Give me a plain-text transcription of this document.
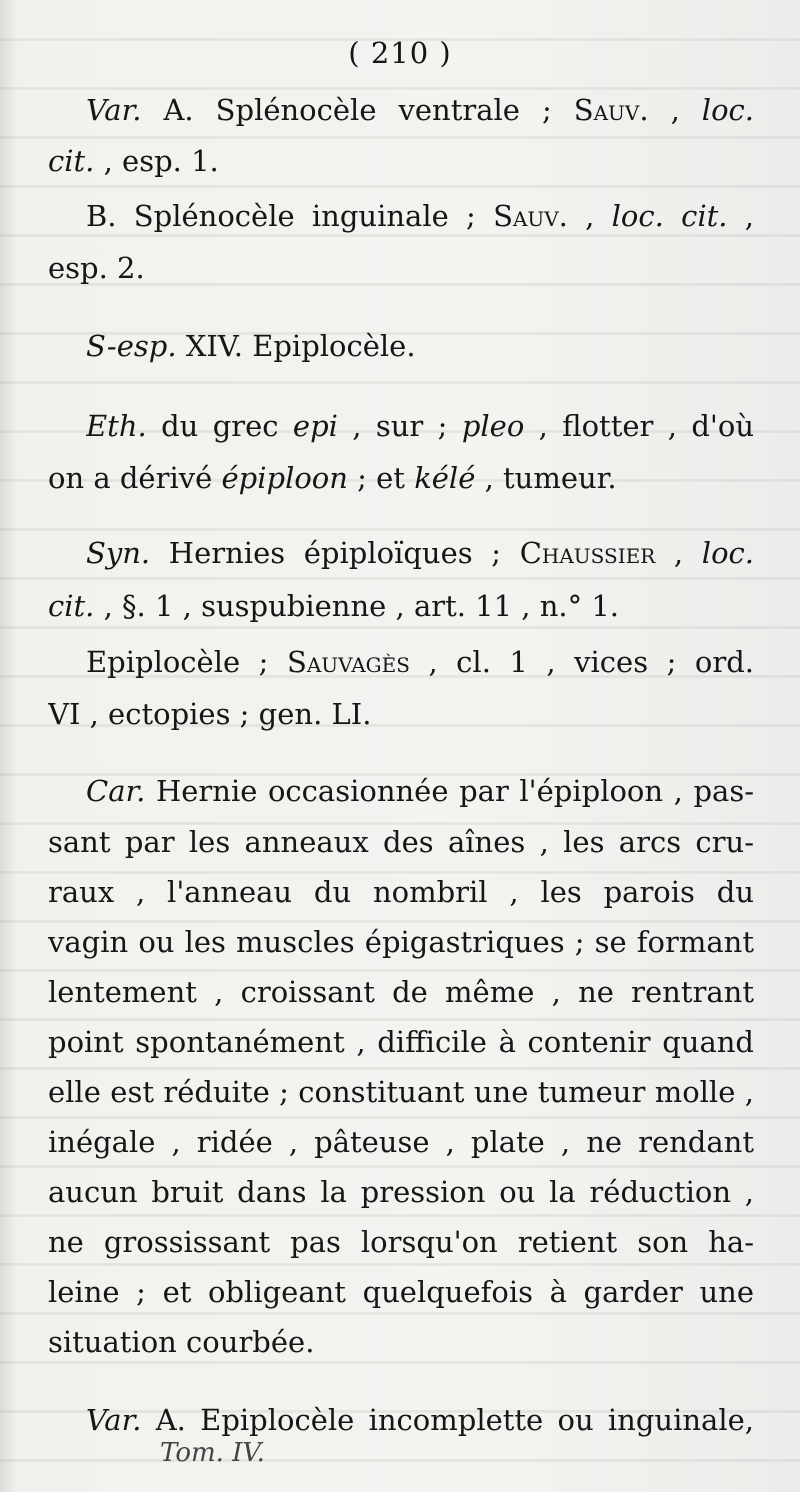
( 210 )
Var. A. Splénocèle ventrale ; Sauv. , loc.
cit. , esp. 1.
B. Splénocèle inguinale ; Sauv. , loc. cit. ,
esp. 2.
S-esp. XIV. Epiplocèle.
Eth. du grec epi , sur ; pleo , flotter , d'où
on a dérivé épiploon ; et kélé , tumeur.
Syn. Hernies épiploïques ; Chaussier , loc.
cit. , §. 1 , suspubienne , art. 11 , n.° 1.
Epiplocèle ; Sauvagès , cl. 1 , vices ; ord.
VI , ectopies ; gen. LI.
Car. Hernie occasionnée par l'épiploon , pas-
sant par les anneaux des aînes , les arcs cru-
raux , l'anneau du nombril , les parois du
vagin ou les muscles épigastriques ; se formant
lentement , croissant de même , ne rentrant
point spontanément , difficile à contenir quand
elle est réduite ; constituant une tumeur molle ,
inégale , ridée , pâteuse , plate , ne rendant
aucun bruit dans la pression ou la réduction ,
ne grossissant pas lorsqu'on retient son ha-
leine ; et obligeant quelquefois à garder une
situation courbée.
Var. A. Epiplocèle incomplette ou inguinale,
Tom. IV.
